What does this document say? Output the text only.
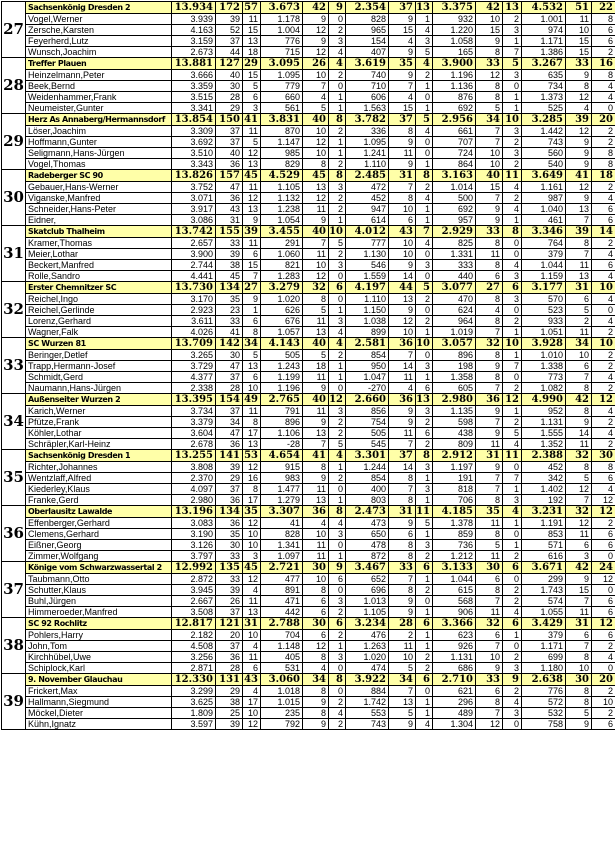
27	Sachsenkönig Dresden 2	13.934	172	57	3.673	42	9	2.354	37	13	3.375	42	13	4.532	51	22
	Vogel,Werner	3.939	39	11	1.178	9	0	828	9	1	932	10	2	1.001	11	8
	Zersche,Karsten	4.163	52	15	1.004	12	2	965	15	4	1.220	15	3	974	10	6
	Feyerherd,Lutz	3.159	37	13	776	9	3	154	4	3	1.058	9	1	1.171	15	6
	Wunsch,Joachim	2.673	44	18	715	12	4	407	9	5	165	8	7	1.386	15	2
28	Treffer Plauen	13.881	127	29	3.095	26	4	3.619	35	4	3.900	33	5	3.267	33	16
	Heinzelmann,Peter	3.666	40	15	1.095	10	2	740	9	2	1.196	12	3	635	9	8
	Beek,Bernd	3.359	30	5	779	7	0	710	7	1	1.136	8	0	734	8	4
	Weidenhammer,Frank	3.515	28	6	660	4	1	606	4	0	876	8	1	1.373	12	4
	Neumeister,Gunter	3.341	29	3	561	5	1	1.563	15	1	692	5	1	525	4	0
29	Herz As Annaberg/Hermannsdorf	13.854	150	41	3.831	40	8	3.782	37	5	2.956	34	10	3.285	39	20
	Löser,Joachim	3.309	37	11	870	10	2	336	8	4	661	7	3	1.442	12	2
	Hoffmann,Gunter	3.692	37	5	1.147	12	1	1.095	9	0	707	7	2	743	9	2
	Seligmann,Hans-Jürgen	3.510	40	12	985	10	1	1.241	11	0	724	10	3	560	9	8
	Vogel,Thomas	3.343	36	13	829	8	2	1.110	9	1	864	10	2	540	9	8
30	Radeberger SC 90	13.826	157	45	4.529	45	8	2.485	31	8	3.163	40	11	3.649	41	18
	Gebauer,Hans-Werner	3.752	47	11	1.105	13	3	472	7	2	1.014	15	4	1.161	12	2
	Viganske,Manfred	3.071	36	12	1.132	12	2	452	8	4	500	7	2	987	9	4
	Schneider,Hans-Peter	3.917	43	13	1.238	11	2	947	10	1	692	9	4	1.040	13	6
	Eidner,	3.086	31	9	1.054	9	1	614	6	1	957	9	1	461	7	6
31	Skatclub Thalheim	13.742	155	39	3.455	40	10	4.012	43	7	2.929	33	8	3.346	39	14
	Kramer,Thomas	2.657	33	11	291	7	5	777	10	4	825	8	0	764	8	2
	Meier,Lothar	3.900	39	6	1.060	11	2	1.130	10	0	1.331	11	0	379	7	4
	Beckert,Manfred	2.744	38	15	821	10	3	546	9	3	333	8	4	1.044	11	6
	Rolle,Sandro	4.441	45	7	1.283	12	0	1.559	14	0	440	6	3	1.159	13	4
32	Erster Chemnitzer SC	13.730	134	27	3.279	32	6	4.197	44	5	3.077	27	6	3.177	31	10
	Reichel,Ingo	3.170	35	9	1.020	8	0	1.110	13	2	470	8	3	570	6	4
	Reichel,Gerlinde	2.923	23	1	626	5	1	1.150	9	0	624	4	0	523	5	0
	Lorenz,Gerhard	3.611	33	6	676	11	3	1.038	12	2	964	8	2	933	2	4
	Wagner,Falk	4.026	41	8	1.057	13	4	899	10	1	1.019	7	1	1.051	11	2
33	SC Wurzen 81	13.709	142	34	4.143	40	4	2.581	36	10	3.057	32	10	3.928	34	10
	Beringer,Detlef	3.265	30	5	505	5	2	854	7	0	896	8	1	1.010	10	2
	Trapp,Hermann-Josef	3.729	47	13	1.243	18	1	950	14	3	198	9	7	1.338	6	2
	Schmidt,Gerd	4.377	37	6	1.199	11	1	1.047	11	1	1.358	8	0	773	7	4
	Naumann,Hans-Jürgen	2.338	28	10	1.196	9	0	-270	4	6	605	7	2	1.082	8	2
34	Außenseiter Wurzen 2	13.395	154	49	2.765	40	12	2.660	36	13	2.980	36	12	4.990	42	12
	Karich,Werner	3.734	37	11	791	11	3	856	9	3	1.135	9	1	952	8	4
	Pfütze,Frank	3.379	34	8	896	9	2	754	9	2	598	7	2	1.131	9	2
	Köhler,Lothar	3.604	47	17	1.106	13	2	505	11	6	438	9	5	1.555	14	4
	Schräpler,Karl-Heinz	2.678	36	13	-28	7	5	545	7	2	809	11	4	1.352	11	2
35	Sachsenkönig Dresden 1	13.255	141	53	4.654	41	4	3.301	37	8	2.912	31	11	2.388	32	30
	Richter,Johannes	3.808	39	12	915	8	1	1.244	14	3	1.197	9	0	452	8	8
	Wentzlaff,Alfred	2.370	29	16	983	9	2	854	8	1	191	7	7	342	5	6
	Kiederley,Klaus	4.097	37	8	1.477	11	0	400	7	3	818	7	1	1.402	12	4
	Franke,Gerd	2.980	36	17	1.279	13	1	803	8	1	706	8	3	192	7	12
36	Oberlausitz Lawalde	13.196	134	35	3.307	36	8	2.473	31	11	4.185	35	4	3.231	32	12
	Effenberger,Gerhard	3.083	36	12	41	4	4	473	9	5	1.378	11	1	1.191	12	2
	Clemens,Gerhard	3.190	35	10	828	10	3	650	6	1	859	8	0	853	11	6
	Eißner,Georg	3.126	30	10	1.341	11	0	478	8	3	736	5	1	571	6	6
	Zimmer,Wolfgang	3.797	33	3	1.097	11	1	872	8	2	1.212	11	2	616	3	0
37	Könige vom Schwarzwassertal 2	12.992	135	45	2.721	30	9	3.467	33	6	3.133	30	6	3.671	42	24
	Taubmann,Otto	2.872	33	12	477	10	6	652	7	1	1.044	6	0	299	9	12
	Schutter,Klaus	3.945	39	4	891	8	0	696	8	2	615	8	2	1.743	15	0
	Buhl,Jürgen	2.667	26	11	471	6	3	1.013	9	0	568	7	2	574	7	6
	Himmeroeder,Manfred	3.508	37	13	442	6	2	1.105	9	1	906	11	4	1.055	11	6
38	SC 92 Rochlitz	12.817	121	31	2.788	30	6	3.234	28	6	3.366	32	6	3.429	31	12
	Pohlers,Harry	2.182	20	10	704	6	2	476	2	1	623	6	1	379	6	6
	John,Tom	4.508	37	4	1.148	12	1	1.263	11	1	926	7	0	1.171	7	2
	Kirchhübel,Uwe	3.256	36	11	405	8	3	1.020	10	2	1.131	10	2	699	8	4
	Schiplock,Karl	2.871	28	6	531	4	0	474	5	2	686	9	3	1.180	10	0
39	9. November Glauchau	12.330	131	43	3.060	34	8	3.922	34	6	2.710	33	9	2.638	30	20
	Frickert,Max	3.299	29	4	1.018	8	0	884	7	0	621	6	2	776	8	2
	Hallmann,Siegmund	3.625	38	17	1.015	9	2	1.742	13	1	296	8	4	572	8	10
	Möckel,Dieter	1.809	25	10	235	8	4	553	5	1	489	7	3	532	5	2
	Kühn,Ignatz	3.597	39	12	792	9	2	743	9	4	1.304	12	0	758	9	6
